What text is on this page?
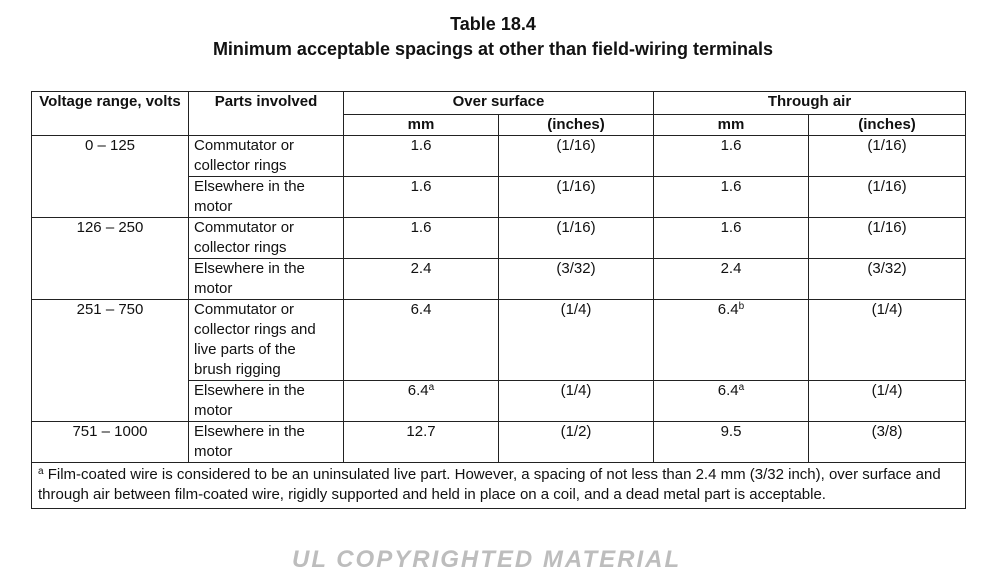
Table 18.4
Minimum acceptable spacings at other than field-wiring terminals
Voltage range, volts	Parts involved	Over surface		Through air	
		mm	(inches)	mm	(inches)
0 – 125	Commutator or collector rings	1.6	(1/16)	1.6	(1/16)
	Elsewhere in the motor	1.6	(1/16)	1.6	(1/16)
126 – 250	Commutator or collector rings	1.6	(1/16)	1.6	(1/16)
	Elsewhere in the motor	2.4	(3/32)	2.4	(3/32)
251 – 750	Commutator or collector rings and live parts of the brush rigging	6.4	(1/4)	6.4$^b$	(1/4)
	Elsewhere in the motor	6.4$^a$	(1/4)	6.4$^a$	(1/4)
751 – 1000	Elsewhere in the motor	12.7	(1/2)	9.5	(3/8)
$^a$ Film-coated wire is considered to be an uninsulated live part. However, a spacing of not less than 2.4 mm (3/32 inch), over surface and through air between film-coated wire, rigidly supported and held in place on a coil, and a dead metal part is acceptable.					
UL COPYRIGHTED MATERIAL
